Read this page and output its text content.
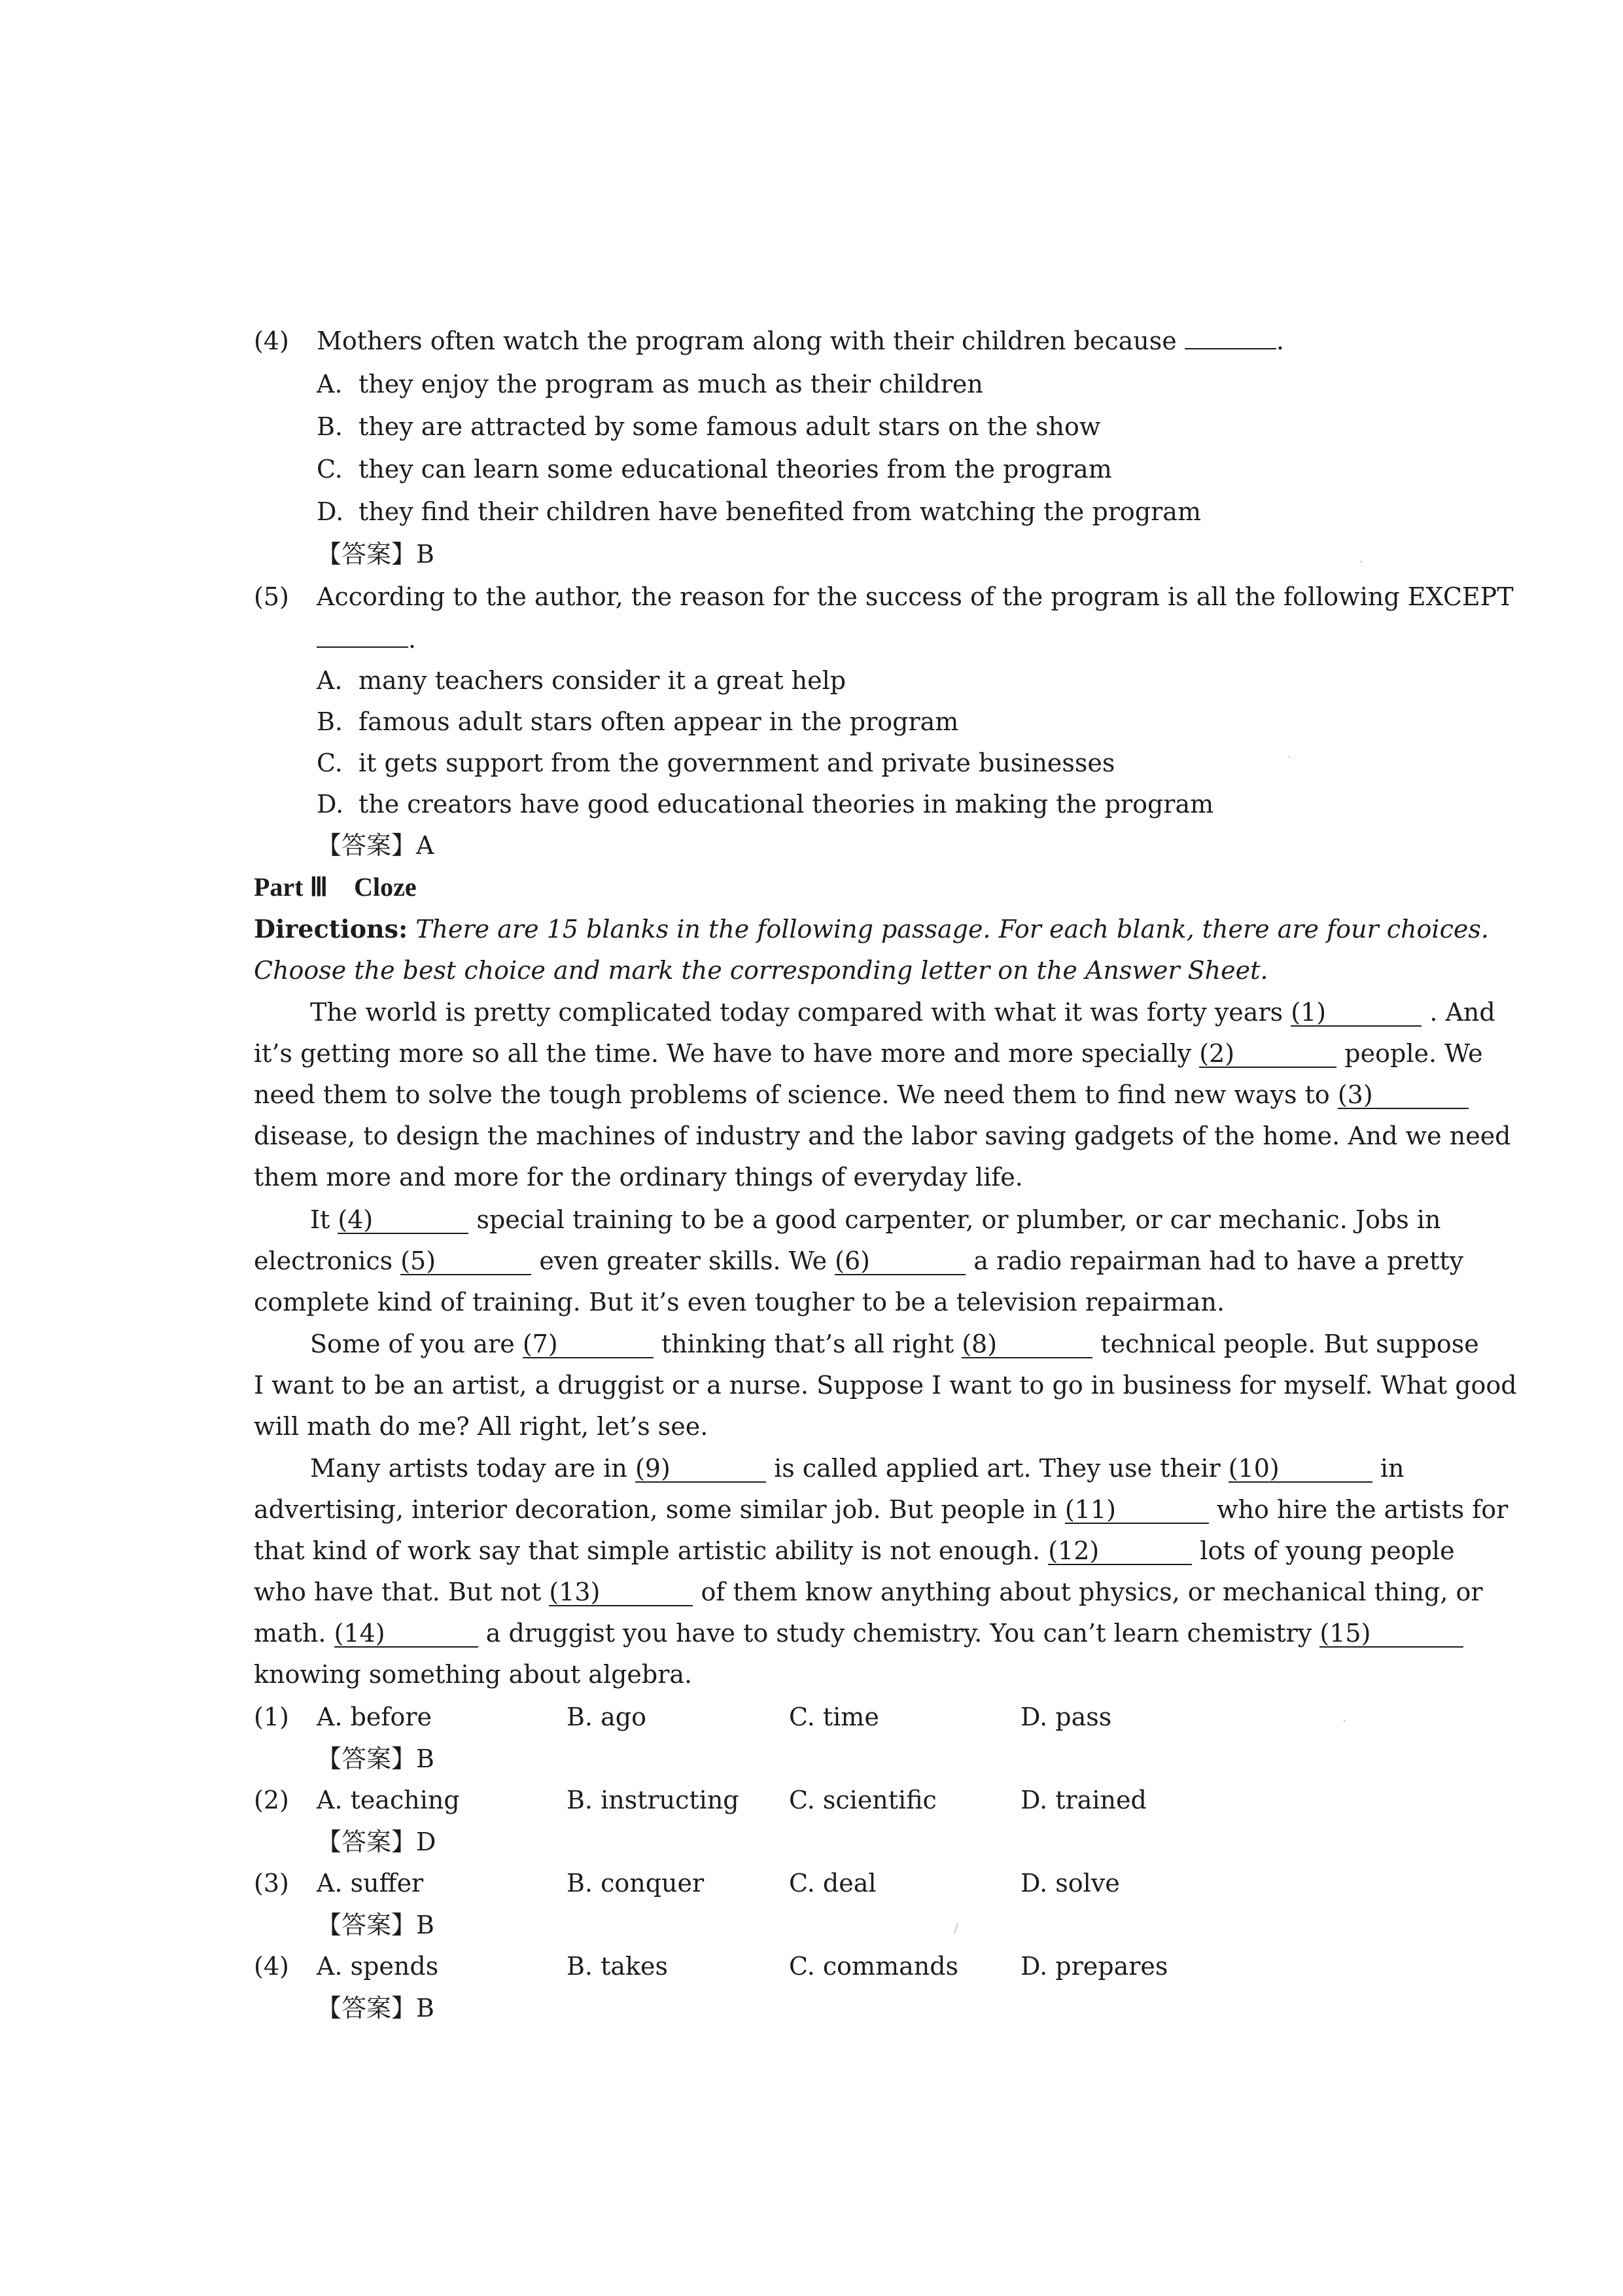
(4) Mothers often watch the program along with their children because	.
A. they enjoy the program as much as their children
B. they are attracted by some famous adult stars on the show
C. they can learn some educational theories from the program
D. they find their children have benefited from watching the program
【答案】B
(5) According to the author, the reason for the success of the program is all the following EXCEPT
.
A. many teachers consider it a great help
B. famous adult stars often appear in the program
C. it gets support from the government and private businesses
D. the creators have good educational theories in making the program
【答案】A
Part Ⅲ Cloze
Directions: There are 15 blanks in the following passage. For each blank, there are four choices.
Choose the best choice and mark the corresponding letter on the Answer Sheet.
The world is pretty complicated today compared with what it was forty years (1)	. And
it’s getting more so all the time. We have to have more and more specially (2)	people. We
need them to solve the tough problems of science. We need them to find new ways to (3)
disease, to design the machines of industry and the labor saving gadgets of the home. And we need
them more and more for the ordinary things of everyday life.
It (4)	special training to be a good carpenter, or plumber, or car mechanic. Jobs in
electronics (5)	even greater skills. We (6)	a radio repairman had to have a pretty
complete kind of training. But it’s even tougher to be a television repairman.
Some of you are (7)	thinking that’s all right (8)	technical people. But suppose
I want to be an artist, a druggist or a nurse. Suppose I want to go in business for myself. What good
will math do me? All right, let’s see.
Many artists today are in (9)	is called applied art. They use their (10)	in
advertising, interior decoration, some similar job. But people in (11)	who hire the artists for
that kind of work say that simple artistic ability is not enough. (12)	lots of young people
who have that. But not (13)	of them know anything about physics, or mechanical thing, or
math. (14)	a druggist you have to study chemistry. You can’t learn chemistry (15)
knowing something about algebra.
(1) A. before	B. ago	C. time	D. pass
【答案】B
(2) A. teaching	B. instructing C. scientific	D. trained
【答案】D
(3) A. suffer	B. conquer	C. deal	D. solve
【答案】B
(4) A. spends	B. takes	C. commands D. prepares
【答案】B
·
·
·
/
